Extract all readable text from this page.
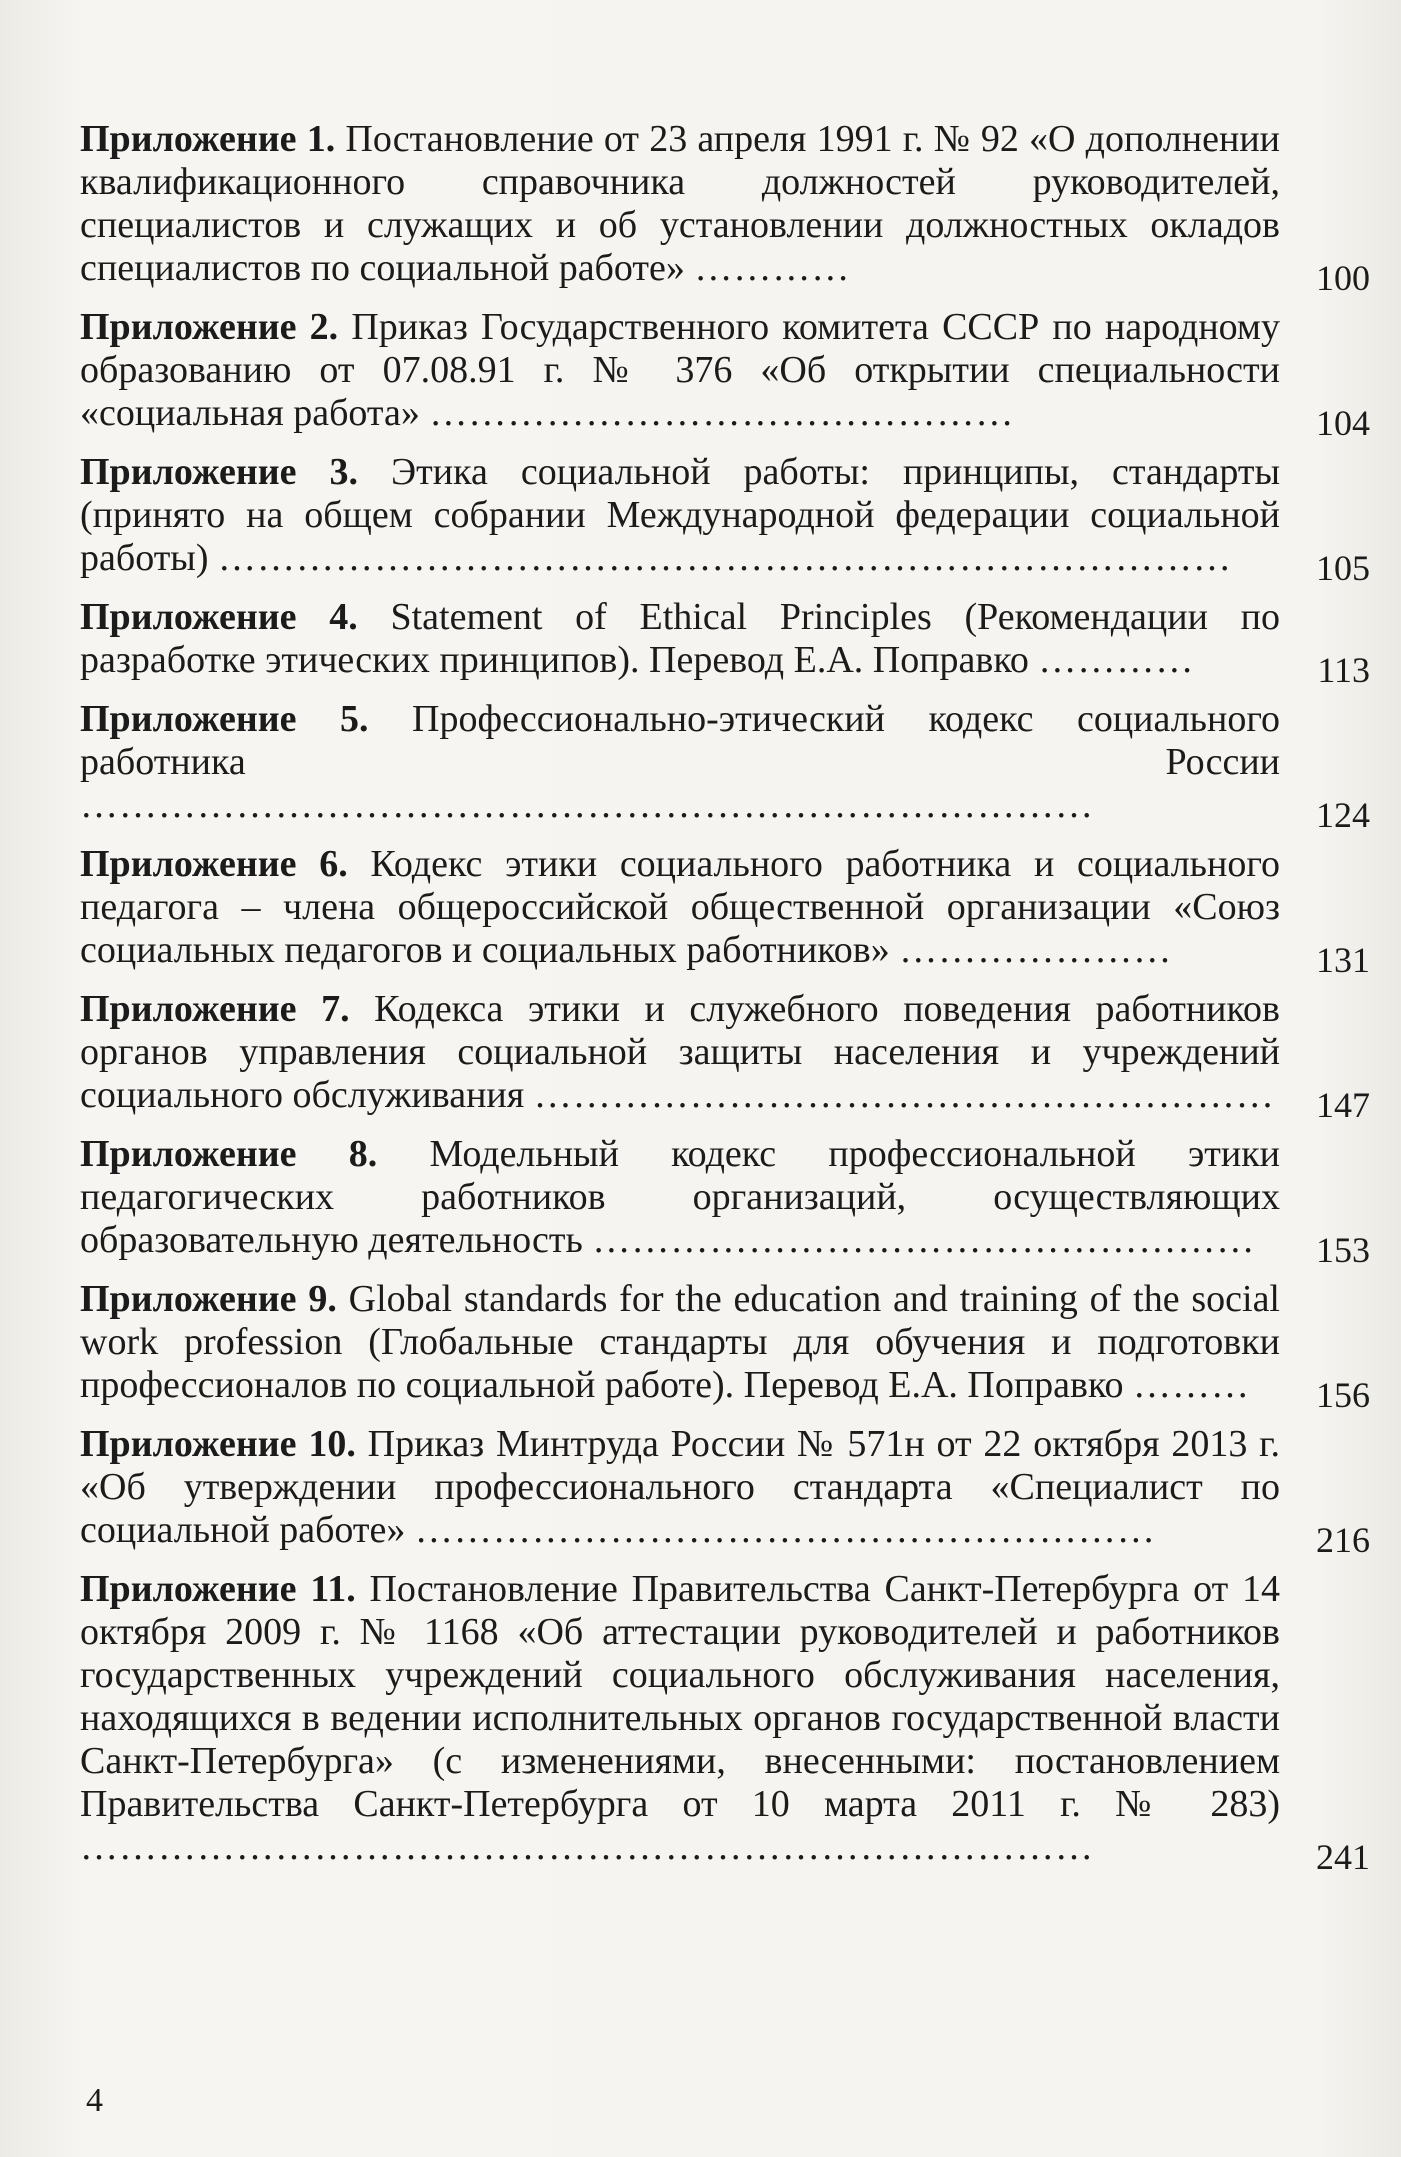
Приложение 1. Постановление от 23 апреля 1991 г. № 92 «О дополнении квалификационного справочника должностей руководителей, специалистов и служащих и об установлении должностных окладов специалистов по социальной работе» …………	100
Приложение 2. Приказ Государственного комитета СССР по народному образованию от 07.08.91 г. № 376 «Об открытии специальности «социальная работа» ………………………………………	104
Приложение 3. Этика социальной работы: принципы, стандарты (принято на общем собрании Международной федерации социальной работы) ……………………………………………………………………	105
Приложение 4. Statement of Ethical Principles (Рекомендации по разработке этических принципов). Перевод Е.А. Поправко …………	113
Приложение 5. Профессионально-этический кодекс социального работника России ……………………………………………………………………	124
Приложение 6. Кодекс этики социального работника и социального педагога – члена общероссийской общественной организации «Союз социальных педагогов и социальных работников» …………………	131
Приложение 7. Кодекса этики и служебного поведения работников органов управления социальной защиты населения и учреждений социального обслуживания ………………………………………………… 147
Приложение 8. Модельный кодекс профессиональной этики педагогических работников организаций, осуществляющих образовательную деятельность ……………………………………………	153
Приложение 9. Global standards for the education and training of the social work profession (Глобальные стандарты для обучения и подготовки профессионалов по социальной работе). Перевод Е.А. Поправко ………	156
Приложение 10. Приказ Минтруда России № 571н от 22 октября 2013 г. «Об утверждении профессионального стандарта «Специалист по социальной работе» …………………………………………………	216
Приложение 11. Постановление Правительства Санкт-Петербурга от 14 октября 2009 г. № 1168 «Об аттестации руководителей и работников государственных учреждений социального обслуживания населения, находящихся в ведении исполнительных органов государственной власти Санкт-Петербурга» (с изменениями, внесенными: постановлением Правительства Санкт-Петербурга от 10 марта 2011 г. № 283) ……………………………………………………………………	241
4
